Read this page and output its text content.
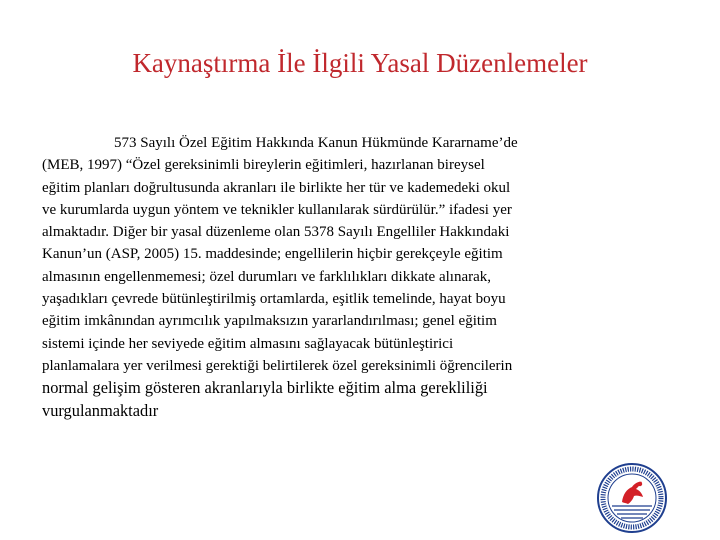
Kaynaştırma İle İlgili Yasal Düzenlemeler
573 Sayılı Özel Eğitim Hakkında Kanun Hükmünde Kararname’de
(MEB, 1997) “Özel gereksinimli bireylerin eğitimleri, hazırlanan bireysel
eğitim planları doğrultusunda akranları ile birlikte her tür ve kademedeki okul
ve kurumlarda uygun yöntem ve teknikler kullanılarak sürdürülür.” ifadesi yer
almaktadır. Diğer bir yasal düzenleme olan 5378 Sayılı Engelliler Hakkındaki
Kanun’un (ASP, 2005) 15. maddesinde; engellilerin hiçbir gerekçeyle eğitim
almasının engellenmemesi; özel durumları ve farklılıkları dikkate alınarak,
yaşadıkları çevrede bütünleştirilmiş ortamlarda, eşitlik temelinde, hayat boyu
eğitim imkânından ayrımcılık yapılmaksızın yararlandırılması; genel eğitim
sistemi içinde her seviyede eğitim almasını sağlayacak bütünleştirici
planlamalara yer verilmesi gerektiği belirtilerek özel gereksinimli öğrencilerin
normal gelişim gösteren akranlarıyla birlikte eğitim alma gerekliliği
vurgulanmaktadır
